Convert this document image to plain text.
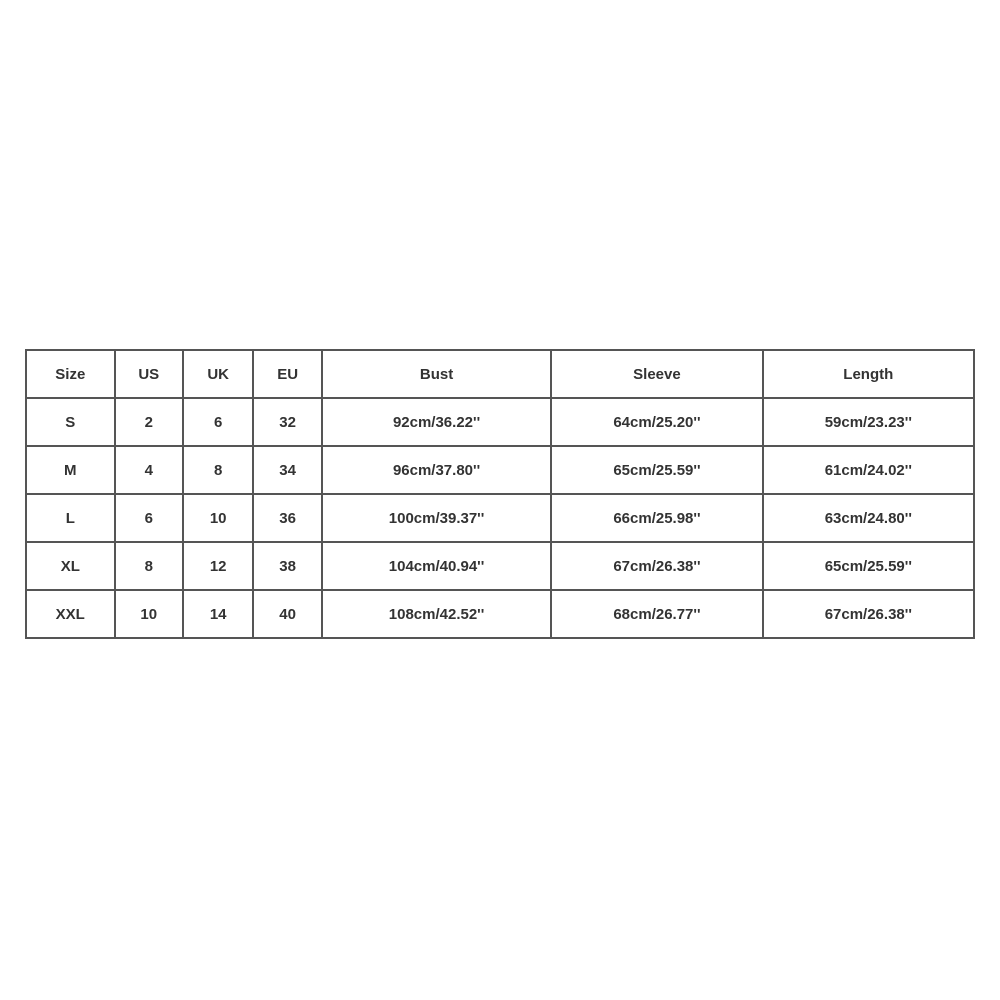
Size	US	UK	EU	Bust	Sleeve	Length
S	2	6	32	92cm/36.22''	64cm/25.20''	59cm/23.23''
M	4	8	34	96cm/37.80''	65cm/25.59''	61cm/24.02''
L	6	10	36	100cm/39.37''	66cm/25.98''	63cm/24.80''
XL	8	12	38	104cm/40.94''	67cm/26.38''	65cm/25.59''
XXL	10	14	40	108cm/42.52''	68cm/26.77''	67cm/26.38''
